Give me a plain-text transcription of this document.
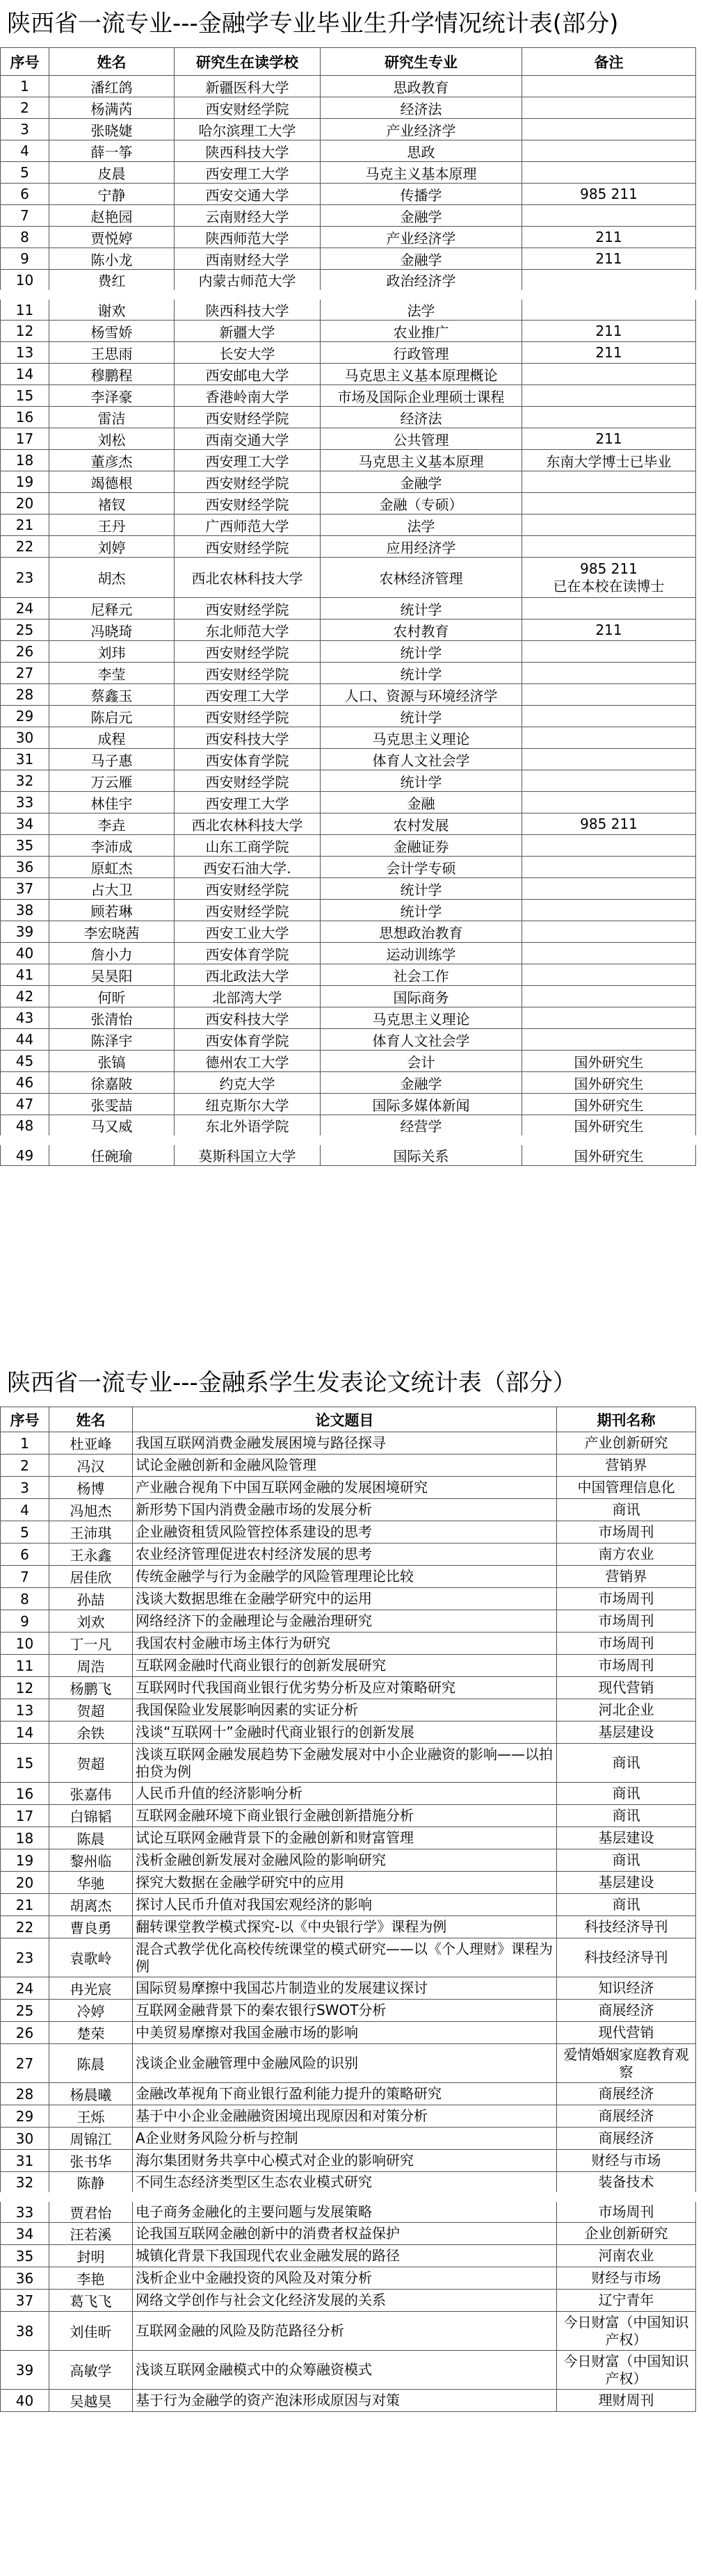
陕西省一流专业---金融学专业毕业生升学情况统计表(部分)
序号	姓名	研究生在读学校	研究生专业	备注
1	潘红鸽	新疆医科大学	思政教育	
2	杨满芮	西安财经学院	经济法	
3	张晓婕	哈尔滨理工大学	产业经济学	
4	薛一筝	陕西科技大学	思政	
5	皮晨	西安理工大学	马克主义基本原理	
6	宁静	西安交通大学	传播学	985 211
7	赵艳园	云南财经大学	金融学	
8	贾悦婷	陕西师范大学	产业经济学	211
9	陈小龙	西南财经大学	金融学	211
10	费红	内蒙古师范大学	政治经济学	
11	谢欢	陕西科技大学	法学	
12	杨雪娇	新疆大学	农业推广	211
13	王思雨	长安大学	行政管理	211
14	穆鹏程	西安邮电大学	马克思主义基本原理概论	
15	李泽豪	香港岭南大学	市场及国际企业理硕士课程	
16	雷洁	西安财经学院	经济法	
17	刘松	西南交通大学	公共管理	211
18	董彦杰	西安理工大学	马克思主义基本原理	东南大学博士已毕业
19	竭德根	西安财经学院	金融学	
20	褚钗	西安财经学院	金融（专硕）	
21	王丹	广西师范大学	法学	
22	刘婷	西安财经学院	应用经济学	
23	胡杰	西北农林科技大学	农林经济管理	985 211
已在本校在读博士

24	尼释元	西安财经学院	统计学	
25	冯晓琦	东北师范大学	农村教育	211
26	刘玮	西安财经学院	统计学	
27	李莹	西安财经学院	统计学	
28	蔡鑫玉	西安理工大学	人口、资源与环境经济学	
29	陈启元	西安财经学院	统计学	
30	成程	西安科技大学	马克思主义理论	
31	马子惠	西安体育学院	体育人文社会学	
32	万云雁	西安财经学院	统计学	
33	林佳宇	西安理工大学	金融	
34	李垚	西北农林科技大学	农村发展	985 211
35	李沛成	山东工商学院	金融证券	
36	原虹杰	西安石油大学.	会计学专硕	
37	占大卫	西安财经学院	统计学	
38	顾若琳	西安财经学院	统计学	
39	李宏晓茜	西安工业大学	思想政治教育	
40	詹小力	西安体育学院	运动训练学	
41	吴昊阳	西北政法大学	社会工作	
42	何昕	北部湾大学	国际商务	
43	张清怡	西安科技大学	马克思主义理论	
44	陈泽宇	西安体育学院	体育人文社会学	
45	张镐	德州农工大学	会计	国外研究生
46	徐嘉陂	约克大学	金融学	国外研究生
47	张雯喆	纽克斯尔大学	国际多媒体新闻	国外研究生
48	马又威	东北外语学院	经营学	国外研究生
49	任碗瑜	莫斯科国立大学	国际关系	国外研究生
陕西省一流专业---金融系学生发表论文统计表（部分）
序号	姓名	论文题目	期刊名称
1	杜亚峰	我国互联网消费金融发展困境与路径探寻	产业创新研究
2	冯汉	试论金融创新和金融风险管理	营销界
3	杨博	产业融合视角下中国互联网金融的发展困境研究	中国管理信息化
4	冯旭杰	新形势下国内消费金融市场的发展分析	商讯
5	王沛琪	企业融资租赁风险管控体系建设的思考	市场周刊
6	王永鑫	农业经济管理促进农村经济发展的思考	南方农业
7	居佳欣	传统金融学与行为金融学的风险管理理论比较	营销界
8	孙喆	浅谈大数据思维在金融学研究中的运用	市场周刊
9	刘欢	网络经济下的金融理论与金融治理研究	市场周刊
10	丁一凡	我国农村金融市场主体行为研究	市场周刊
11	周浩	互联网金融时代商业银行的创新发展研究	市场周刊
12	杨鹏飞	互联网时代我国商业银行优劣势分析及应对策略研究	现代营销
13	贺超	我国保险业发展影响因素的实证分析	河北企业
14	余铁	浅谈“互联网十”金融时代商业银行的创新发展	基层建设
15	贺超	浅谈互联网金融发展趋势下金融发展对中小企业融资的影响——以拍拍贷为例	商讯
16	张嘉伟	人民币升值的经济影响分析	商讯
17	白锦韬	互联网金融环境下商业银行金融创新措施分析	商讯
18	陈晨	试论互联网金融背景下的金融创新和财富管理	基层建设
19	黎州临	浅析金融创新发展对金融风险的影响研究	商讯
20	华驰	探究大数据在金融学研究中的应用	基层建设
21	胡离杰	探讨人民币升值对我国宏观经济的影响	商讯
22	曹良勇	翻转课堂教学模式探究-以《中央银行学》课程为例	科技经济导刊
23	袁歌岭	混合式教学优化高校传统课堂的模式研究——以《个人理财》课程为例	科技经济导刊
24	冉光宸	国际贸易摩擦中我国芯片制造业的发展建议探讨	知识经济
25	冷婷	互联网金融背景下的秦农银行SWOT分析	商展经济
26	楚荣	中美贸易摩擦对我国金融市场的影响	现代营销
27	陈晨	浅谈企业金融管理中金融风险的识别	爱情婚姻家庭教育观察
28	杨晨曦	金融改革视角下商业银行盈利能力提升的策略研究	商展经济
29	王烁	基于中小企业金融融资困境出现原因和对策分析	商展经济
30	周锦江	A企业财务风险分析与控制	商展经济
31	张书华	海尔集团财务共享中心模式对企业的影响研究	财经与市场
32	陈静	不同生态经济类型区生态农业模式研究	装备技术
33	贾君怡	电子商务金融化的主要问题与发展策略	市场周刊
34	汪若溪	论我国互联网金融创新中的消费者权益保护	企业创新研究
35	封明	城镇化背景下我国现代农业金融发展的路径	河南农业
36	李艳	浅析企业中金融投资的风险及对策分析	财经与市场
37	葛飞飞	网络文学创作与社会文化经济发展的关系	辽宁青年
38	刘佳昕	互联网金融的风险及防范路径分析	今日财富（中国知识产权）
39	高敏学	浅谈互联网金融模式中的众筹融资模式	今日财富（中国知识产权）
40	吴越昊	基于行为金融学的资产泡沫形成原因与对策	理财周刊
